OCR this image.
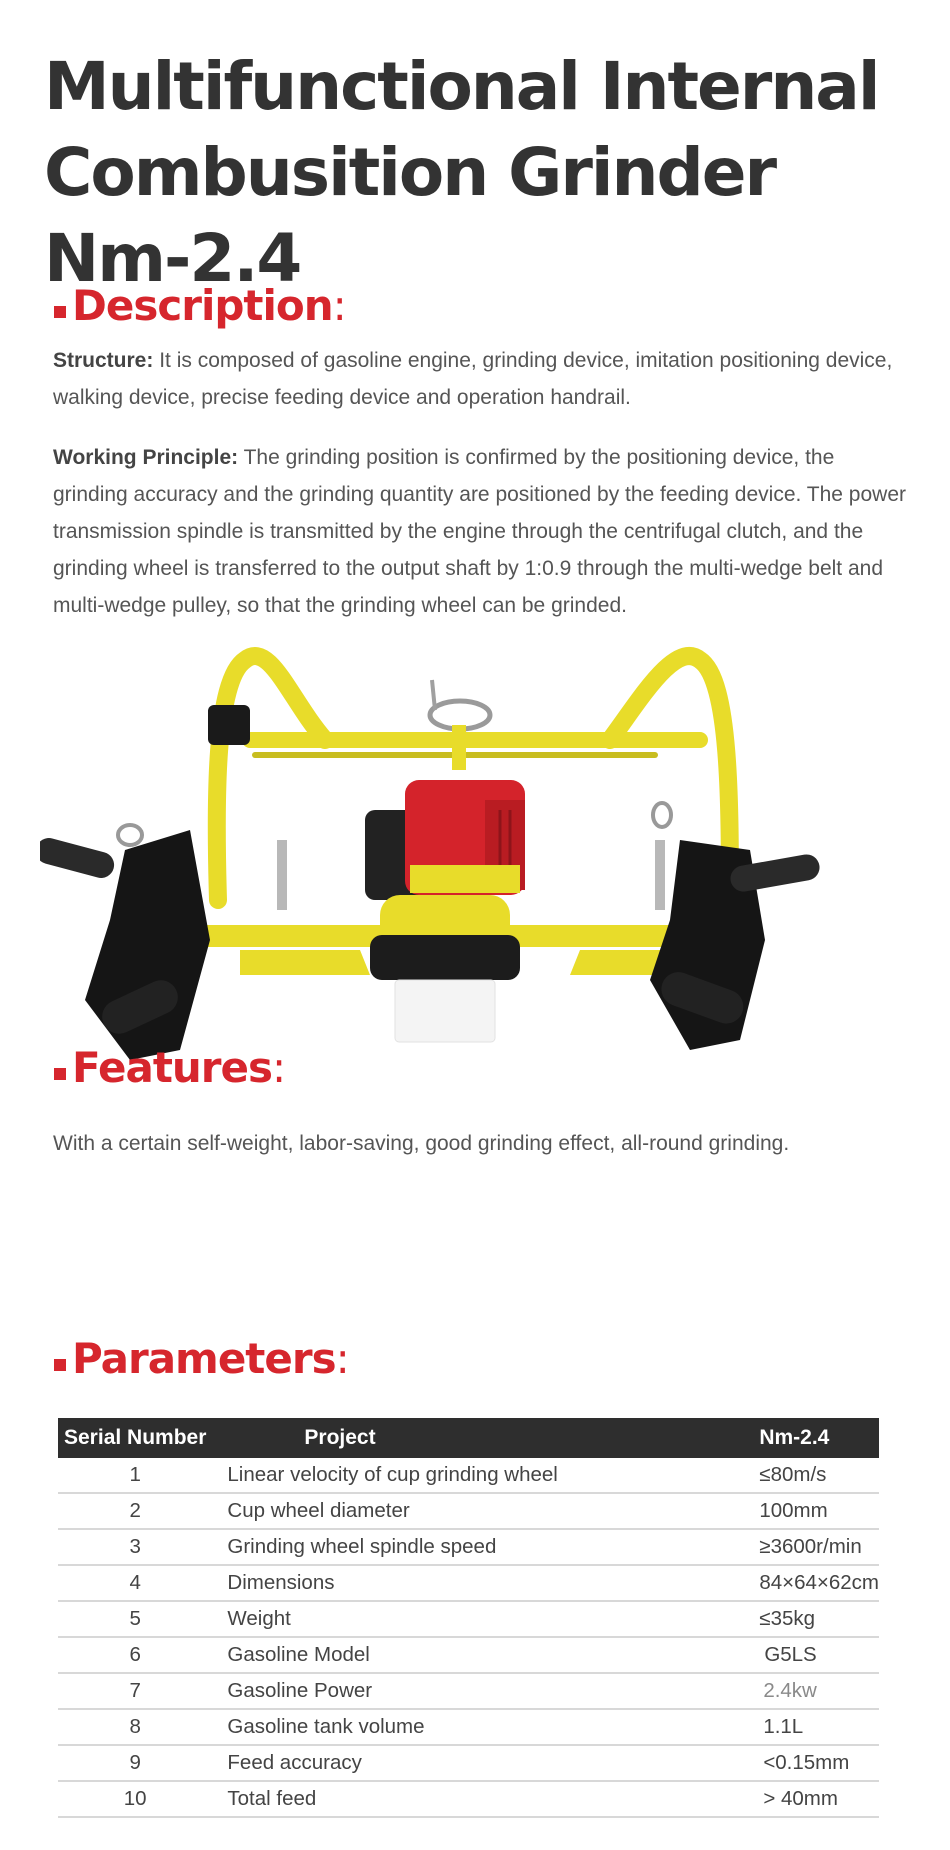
Multifunctional Internal
Combusition Grinder Nm-2.4
Description:

Structure: It is composed of gasoline engine, grinding device, imitation positioning device, walking device, precise feeding device and operation handrail.

Working Principle: The grinding position is confirmed by the positioning device, the grinding accuracy and the grinding quantity are positioned by the feeding device. The power transmission spindle is transmitted by the engine through the centrifugal clutch, and the grinding wheel is transferred to the output shaft by 1:0.9 through the multi-wedge belt and multi-wedge pulley, so that the grinding wheel can be grinded.

Features:

With a certain self-weight, labor-saving, good grinding effect, all-round grinding.

Parameters:
Serial Number	Project	Nm-2.4
1	Linear velocity of cup grinding wheel	≤80m/s
2	Cup wheel diameter	100mm
3	Grinding wheel spindle speed	≥3600r/min
4	Dimensions	84×64×62cm
5	Weight	≤35kg
6	Gasoline Model	G5LS
7	Gasoline Power	2.4kw
8	Gasoline tank volume	1.1L
9	Feed accuracy	<0.15mm
10	Total feed	> 40mm
